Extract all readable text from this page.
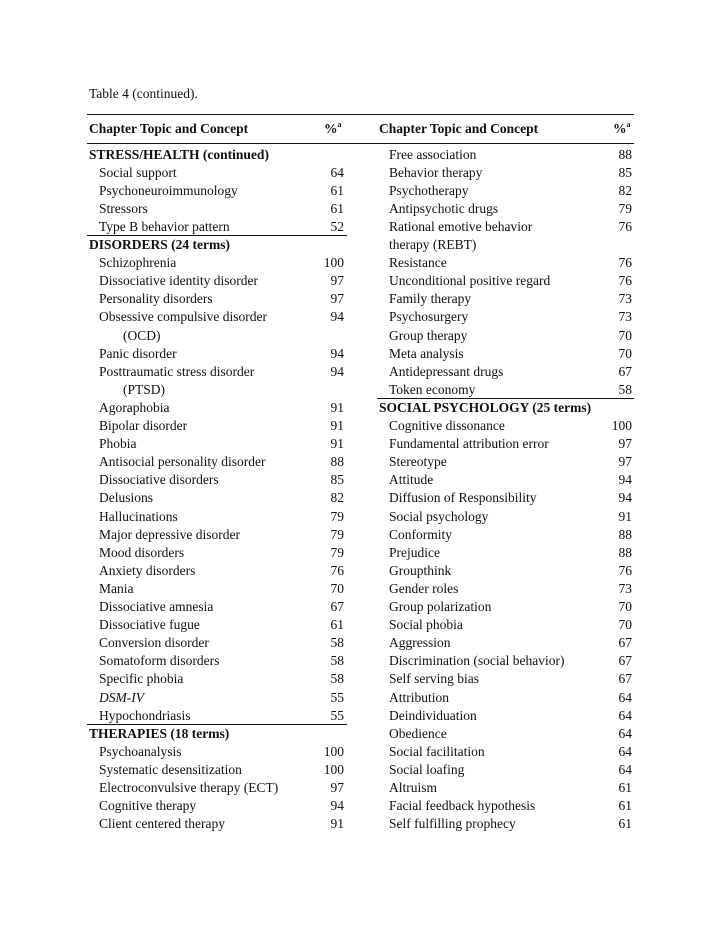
Table 4 (continued).
Chapter Topic and Concept	%$^a$	Chapter Topic and Concept	%$^a$
STRESS/HEALTH (continued)
Social support	64
Psychoneuroimmunology	61
Stressors	61
Type B behavior pattern	52
DISORDERS (24 terms)
Schizophrenia	100
Dissociative identity disorder	97
Personality disorders	97
Obsessive compulsive disorder	94
(OCD)
Panic disorder	94
Posttraumatic stress disorder	94
(PTSD)
Agoraphobia	91
Bipolar disorder	91
Phobia	91
Antisocial personality disorder	88
Dissociative disorders	85
Delusions	82
Hallucinations	79
Major depressive disorder	79
Mood disorders	79
Anxiety disorders	76
Mania	70
Dissociative amnesia	67
Dissociative fugue	61
Conversion disorder	58
Somatoform disorders	58
Specific phobia	58
DSM-IV	55
Hypochondriasis	55
THERAPIES (18 terms)
Psychoanalysis	100
Systematic desensitization	100
Electroconvulsive therapy (ECT)	97
Cognitive therapy	94
Client centered therapy	91
Free association	88
Behavior therapy	85
Psychotherapy	82
Antipsychotic drugs	79
Rational emotive behavior	76
therapy (REBT)
Resistance	76
Unconditional positive regard	76
Family therapy	73
Psychosurgery	73
Group therapy	70
Meta analysis	70
Antidepressant drugs	67
Token economy	58
SOCIAL PSYCHOLOGY (25 terms)
Cognitive dissonance	100
Fundamental attribution error	97
Stereotype	97
Attitude	94
Diffusion of Responsibility	94
Social psychology	91
Conformity	88
Prejudice	88
Groupthink	76
Gender roles	73
Group polarization	70
Social phobia	70
Aggression	67
Discrimination (social behavior)	67
Self serving bias	67
Attribution	64
Deindividuation	64
Obedience	64
Social facilitation	64
Social loafing	64
Altruism	61
Facial feedback hypothesis	61
Self fulfilling prophecy	61
